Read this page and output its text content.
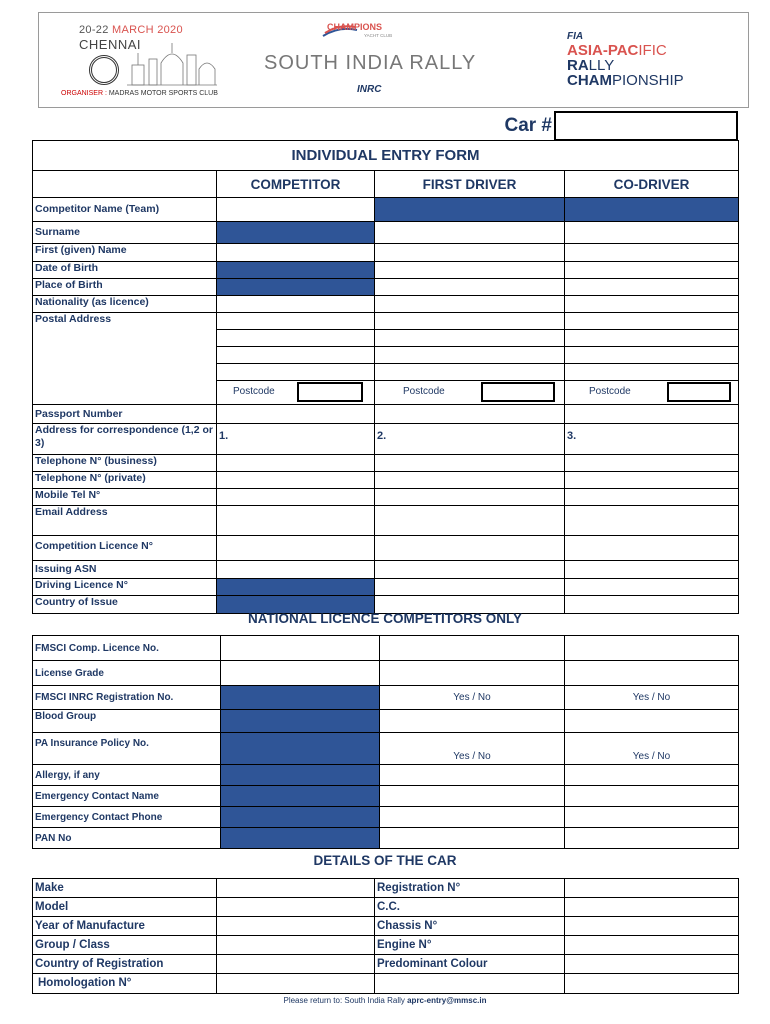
20-22 MARCH 2020
CHENNAI
ORGANISER : MADRAS MOTOR SPORTS CLUB
CHAMPIONS
YACHT CLUB
SOUTH INDIA RALLY
INRC
FIA
ASIA-PACIFIC
RALLY
CHAMPIONSHIP
Car #
INDIVIDUAL ENTRY FORM			
	COMPETITOR	FIRST DRIVER	CO-DRIVER
Competitor Name (Team)			
Surname			
First (given) Name			
Date of Birth			
Place of Birth			
Nationality (as licence)			
Postal Address			

	Postcode	Postcode	Postcode

Passport Number			
Address for correspondence (1,2 or 3)	1.	2.	3.

Telephone N° (business)			
Telephone N° (private)			
Mobile Tel N°			
Email Address			
Competition Licence N°			
Issuing ASN			
Driving Licence N°			
Country of Issue			
NATIONAL LICENCE COMPETITORS ONLY
FMSCI Comp. Licence No.			
License Grade			
FMSCI INRC Registration No.		Yes / No	Yes / No

Blood Group			
PA Insurance Policy No.		Yes / No	Yes / No

Allergy, if any			
Emergency Contact Name			
Emergency Contact Phone			
PAN No			
DETAILS OF THE CAR
Make		Registration N°	
Model		C.C.	
Year of Manufacture		Chassis N°	
Group / Class		Engine N°	
Country of Registration		Predominant Colour	
Homologation N°			
Please return to: South India Rally aprc-entry@mmsc.in
